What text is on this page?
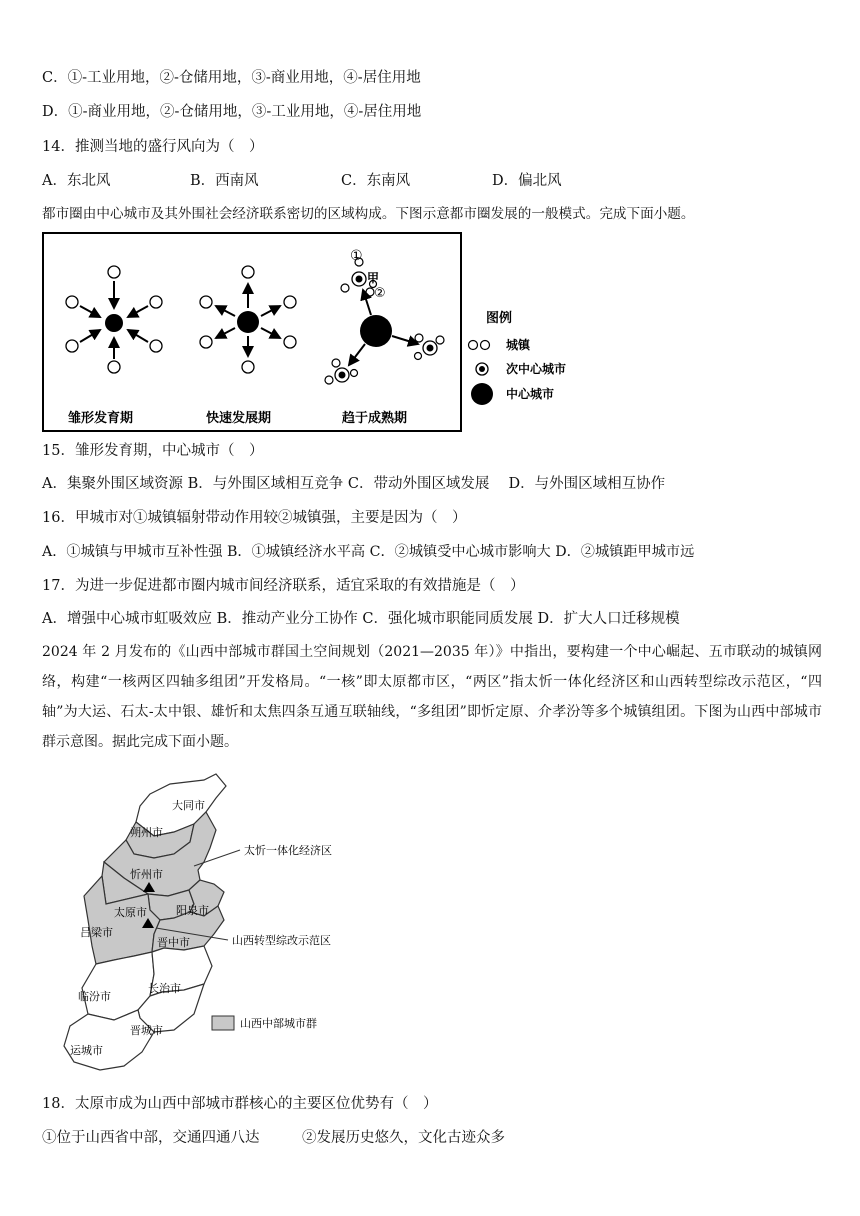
C．①-工业用地，②-仓储用地，③-商业用地，④-居住用地
D．①-商业用地，②-仓储用地，③-工业用地，④-居住用地
14．推测当地的盛行风向为（　）
A．东北风	B．西南风	C．东南风	D．偏北风
都市圈由中心城市及其外围社会经济联系密切的区域构成。下图示意都市圈发展的一般模式。完成下面小题。
①
甲
②
雏形发育期	快速发展期	趋于成熟期
图例
城镇
次中心城市
中心城市
15．雏形发育期，中心城市（　）
A．集聚外围区域资源 B．与外围区域相互竞争 C．带动外围区域发展　 D．与外围区域相互协作
16．甲城市对①城镇辐射带动作用较②城镇强，主要是因为（　）
A．①城镇与甲城市互补性强 B．①城镇经济水平高 C．②城镇受中心城市影响大 D．②城镇距甲城市远
17．为进一步促进都市圈内城市间经济联系，适宜采取的有效措施是（　）
A．增强中心城市虹吸效应 B．推动产业分工协作 C．强化城市职能同质发展 D．扩大人口迁移规模
2024 年 2 月发布的《山西中部城市群国土空间规划（2021—2035 年）》中指出，要构建一个中心崛起、五市联动的城镇网络，构建“一核两区四轴多组团”开发格局。“一核”即太原都市区，“两区”指太忻一体化经济区和山西转型综改示范区，“四轴”为大运、石太-太中银、雄忻和太焦四条互通互联轴线，“多组团”即忻定原、介孝汾等多个城镇组团。下图为山西中部城市群示意图。据此完成下面小题。
大同市
朔州市
忻州市
太原市	阳泉市
吕梁市
晋中市
临汾市
长治市
晋城市
运城市
太忻一体化经济区
山西转型综改示范区
山西中部城市群
18．太原市成为山西中部城市群核心的主要区位优势有（　）
①位于山西省中部，交通四通八达	②发展历史悠久，文化古迹众多
